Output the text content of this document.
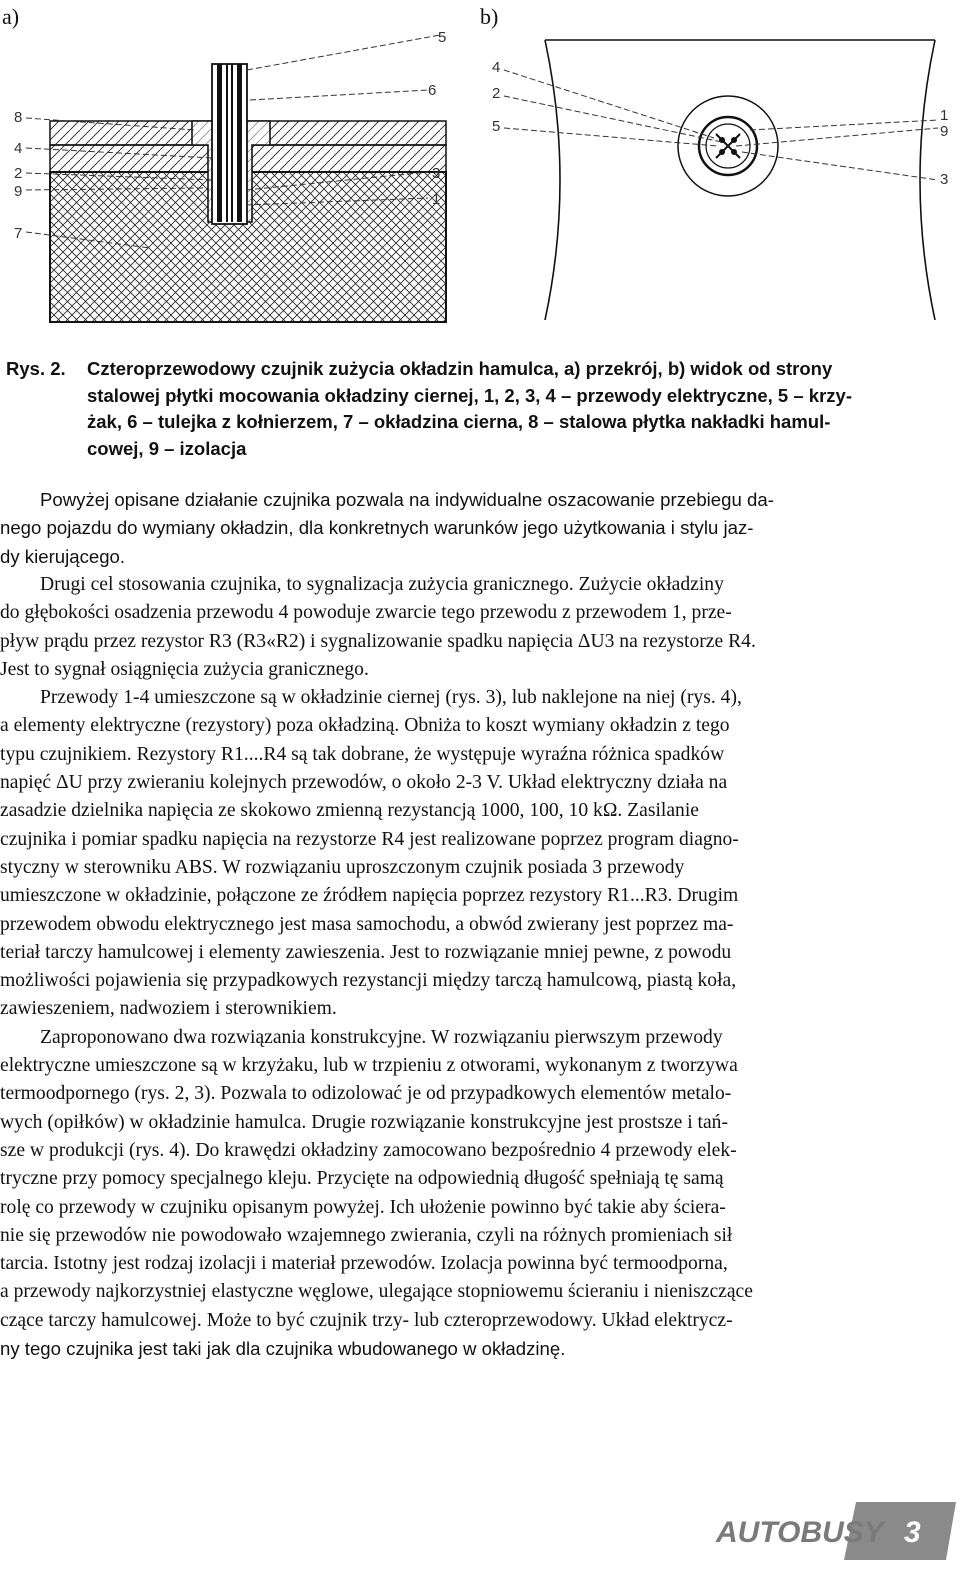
a)	b)
5
6
8
4
2
9
7
3
1
4
2
5
1
9
3
Rys. 2. Czteroprzewodowy czujnik zużycia okładzin hamulca, a) przekrój, b) widok od strony
stalowej płytki mocowania okładziny ciernej, 1, 2, 3, 4 – przewody elektryczne, 5 – krzy-
żak, 6 – tulejka z kołnierzem, 7 – okładzina cierna, 8 – stalowa płytka nakładki hamul-
cowej, 9 – izolacja
Powyżej opisane działanie czujnika pozwala na indywidualne oszacowanie przebiegu da-
nego pojazdu do wymiany okładzin, dla konkretnych warunków jego użytkowania i stylu jaz-
dy kierującego.
Drugi cel stosowania czujnika, to sygnalizacja zużycia granicznego. Zużycie okładziny
do głębokości osadzenia przewodu 4 powoduje zwarcie tego przewodu z przewodem 1, prze-
pływ prądu przez rezystor R3 (R3«R2) i sygnalizowanie spadku napięcia ΔU3 na rezystorze R4.
Jest to sygnał osiągnięcia zużycia granicznego.
Przewody 1-4 umieszczone są w okładzinie ciernej (rys. 3), lub naklejone na niej (rys. 4),
a elementy elektryczne (rezystory) poza okładziną. Obniża to koszt wymiany okładzin z tego
typu czujnikiem. Rezystory R1....R4 są tak dobrane, że występuje wyraźna różnica spadków
napięć ΔU przy zwieraniu kolejnych przewodów, o około 2-3 V. Układ elektryczny działa na
zasadzie dzielnika napięcia ze skokowo zmienną rezystancją 1000, 100, 10 kΩ. Zasilanie
czujnika i pomiar spadku napięcia na rezystorze R4 jest realizowane poprzez program diagno-
styczny w sterowniku ABS. W rozwiązaniu uproszczonym czujnik posiada 3 przewody
umieszczone w okładzinie, połączone ze źródłem napięcia poprzez rezystory R1...R3. Drugim
przewodem obwodu elektrycznego jest masa samochodu, a obwód zwierany jest poprzez ma-
teriał tarczy hamulcowej i elementy zawieszenia. Jest to rozwiązanie mniej pewne, z powodu
możliwości pojawienia się przypadkowych rezystancji między tarczą hamulcową, piastą koła,
zawieszeniem, nadwoziem i sterownikiem.
Zaproponowano dwa rozwiązania konstrukcyjne. W rozwiązaniu pierwszym przewody
elektryczne umieszczone są w krzyżaku, lub w trzpieniu z otworami, wykonanym z tworzywa
termoodpornego (rys. 2, 3). Pozwala to odizolować je od przypadkowych elementów metalo-
wych (opiłków) w okładzinie hamulca. Drugie rozwiązanie konstrukcyjne jest prostsze i tań-
sze w produkcji (rys. 4). Do krawędzi okładziny zamocowano bezpośrednio 4 przewody elek-
tryczne przy pomocy specjalnego kleju. Przycięte na odpowiednią długość spełniają tę samą
rolę co przewody w czujniku opisanym powyżej. Ich ułożenie powinno być takie aby ściera-
nie się przewodów nie powodowało wzajemnego zwierania, czyli na różnych promieniach sił
tarcia. Istotny jest rodzaj izolacji i materiał przewodów. Izolacja powinna być termoodporna,
a przewody najkorzystniej elastyczne węglowe, ulegające stopniowemu ścieraniu i nieniszczące
czące tarczy hamulcowej. Może to być czujnik trzy- lub czteroprzewodowy. Układ elektrycz-
ny tego czujnika jest taki jak dla czujnika wbudowanego w okładzinę.
AUTOBUSY 3
